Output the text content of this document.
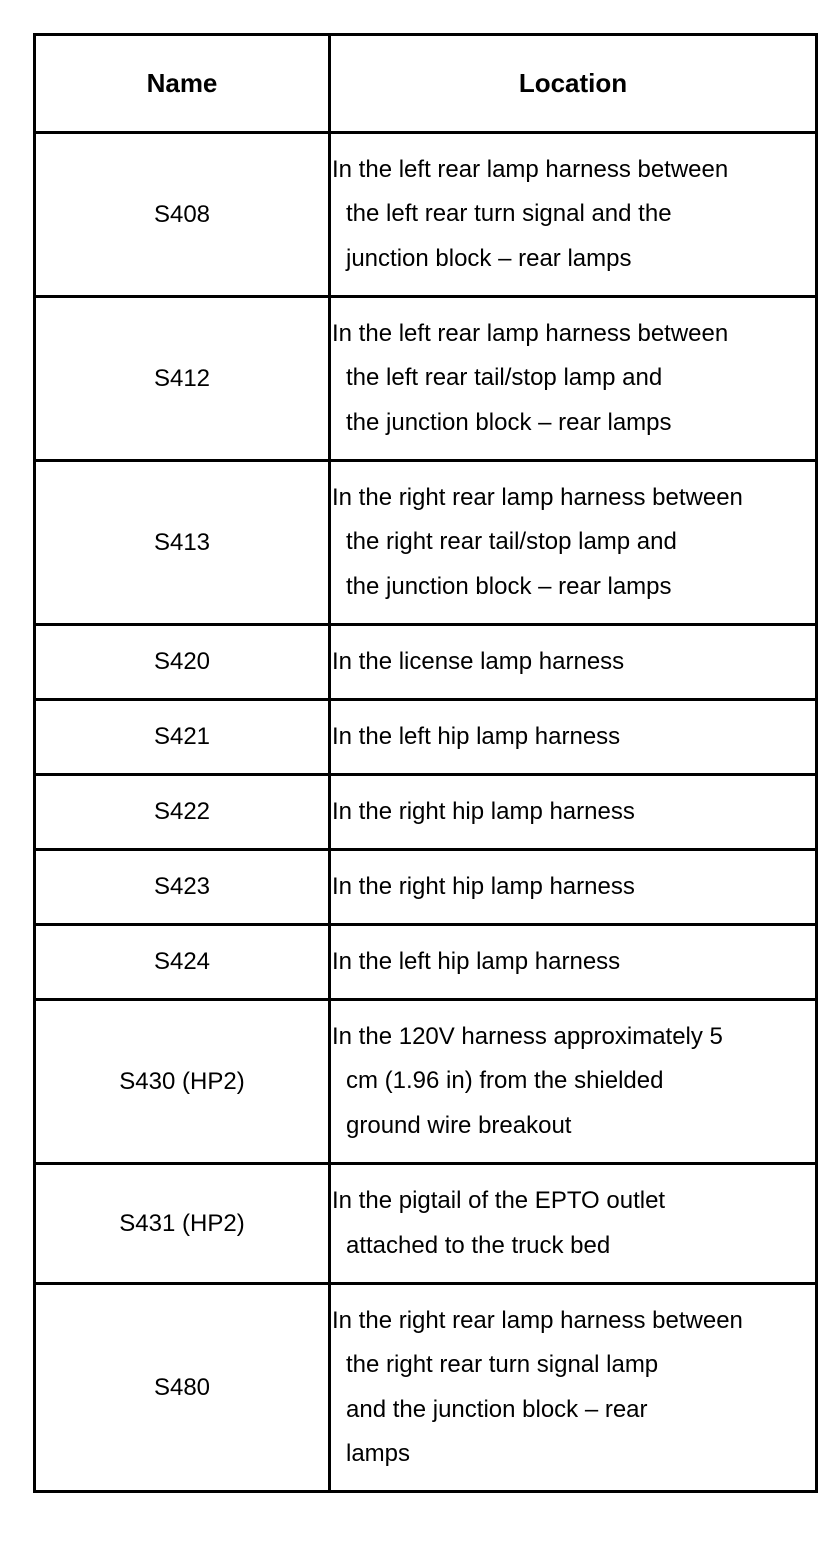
Name	Location
S408	In the left rear lamp harness between
the left rear turn signal and the
junction block – rear lamps

S412	In the left rear lamp harness between
the left rear tail/stop lamp and
the junction block – rear lamps

S413	In the right rear lamp harness between
the right rear tail/stop lamp and
the junction block – rear lamps

S420	In the license lamp harness

S421	In the left hip lamp harness

S422	In the right hip lamp harness

S423	In the right hip lamp harness

S424	In the left hip lamp harness

S430 (HP2)	In the 120V harness approximately 5
cm (1.96 in) from the shielded
ground wire breakout

S431 (HP2)	In the pigtail of the EPTO outlet
attached to the truck bed

S480	In the right rear lamp harness between
the right rear turn signal lamp
and the junction block – rear
lamps
